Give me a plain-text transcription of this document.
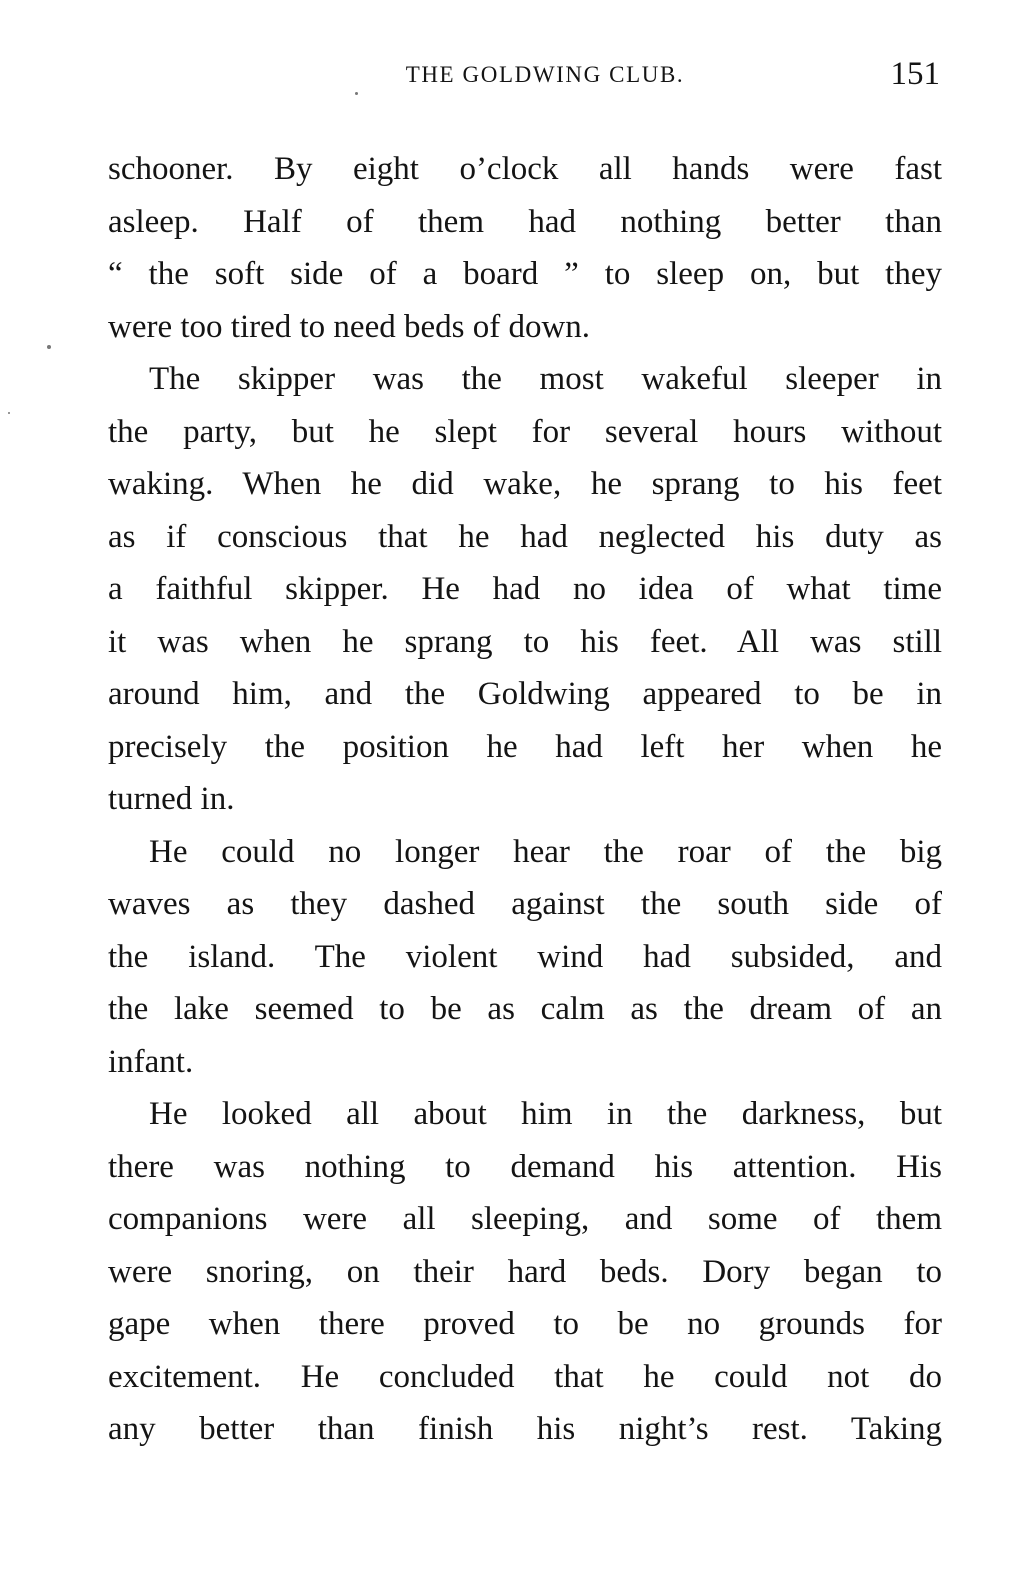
THE GOLDWING CLUB.	151

schooner. By eight o’clock all hands were fast
asleep. Half of them had nothing better than
“ the soft side of a board ” to sleep on, but they
were too tired to need beds of down.

The skipper was the most wakeful sleeper in
the party, but he slept for several hours without
waking. When he did wake, he sprang to his feet
as if conscious that he had neglected his duty as
a faithful skipper. He had no idea of what time
it was when he sprang to his feet. All was still
around him, and the Goldwing appeared to be in
precisely the position he had left her when he
turned in.

He could no longer hear the roar of the big
waves as they dashed against the south side of
the island. The violent wind had subsided, and
the lake seemed to be as calm as the dream of an
infant.

He looked all about him in the darkness, but
there was nothing to demand his attention. His
companions were all sleeping, and some of them
were snoring, on their hard beds. Dory began to
gape when there proved to be no grounds for
excitement. He concluded that he could not do
any better than finish his night’s rest. Taking
